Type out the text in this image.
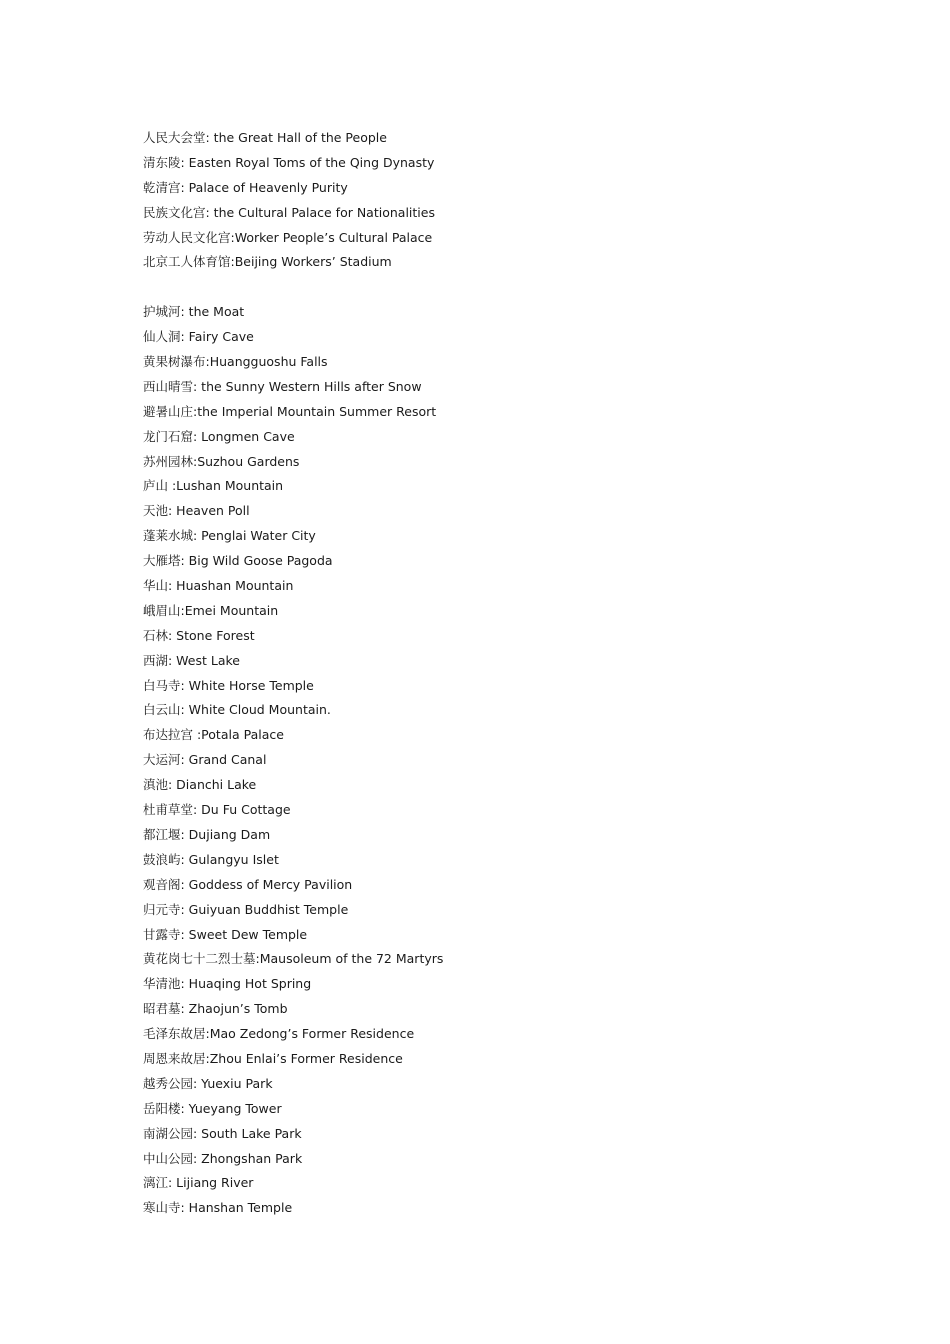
人民大会堂: the Great Hall of the People
清东陵: Easten Royal Toms of the Qing Dynasty
乾清宫: Palace of Heavenly Purity
民族文化宫: the Cultural Palace for Nationalities
劳动人民文化宫:Worker People’s Cultural Palace
北京工人体育馆:Beijing Workers’ Stadium
护城河: the Moat
仙人洞: Fairy Cave
黄果树瀑布:Huangguoshu Falls
西山晴雪: the Sunny Western Hills after Snow
避暑山庄:the Imperial Mountain Summer Resort
龙门石窟: Longmen Cave
苏州园林:Suzhou Gardens
庐山 :Lushan Mountain
天池: Heaven Poll
蓬莱水城: Penglai Water City
大雁塔: Big Wild Goose Pagoda
华山: Huashan Mountain
峨眉山:Emei Mountain
石林: Stone Forest
西湖: West Lake
白马寺: White Horse Temple
白云山: White Cloud Mountain.
布达拉宫 :Potala Palace
大运河: Grand Canal
滇池: Dianchi Lake
杜甫草堂: Du Fu Cottage
都江堰: Dujiang Dam
鼓浪屿: Gulangyu Islet
观音阁: Goddess of Mercy Pavilion
归元寺: Guiyuan Buddhist Temple
甘露寺: Sweet Dew Temple
黄花岗七十二烈士墓:Mausoleum of the 72 Martyrs
华清池: Huaqing Hot Spring
昭君墓: Zhaojun’s Tomb
毛泽东故居:Mao Zedong’s Former Residence
周恩来故居:Zhou Enlai’s Former Residence
越秀公园: Yuexiu Park
岳阳楼: Yueyang Tower
南湖公园: South Lake Park
中山公园: Zhongshan Park
漓江: Lijiang River
寒山寺: Hanshan Temple
